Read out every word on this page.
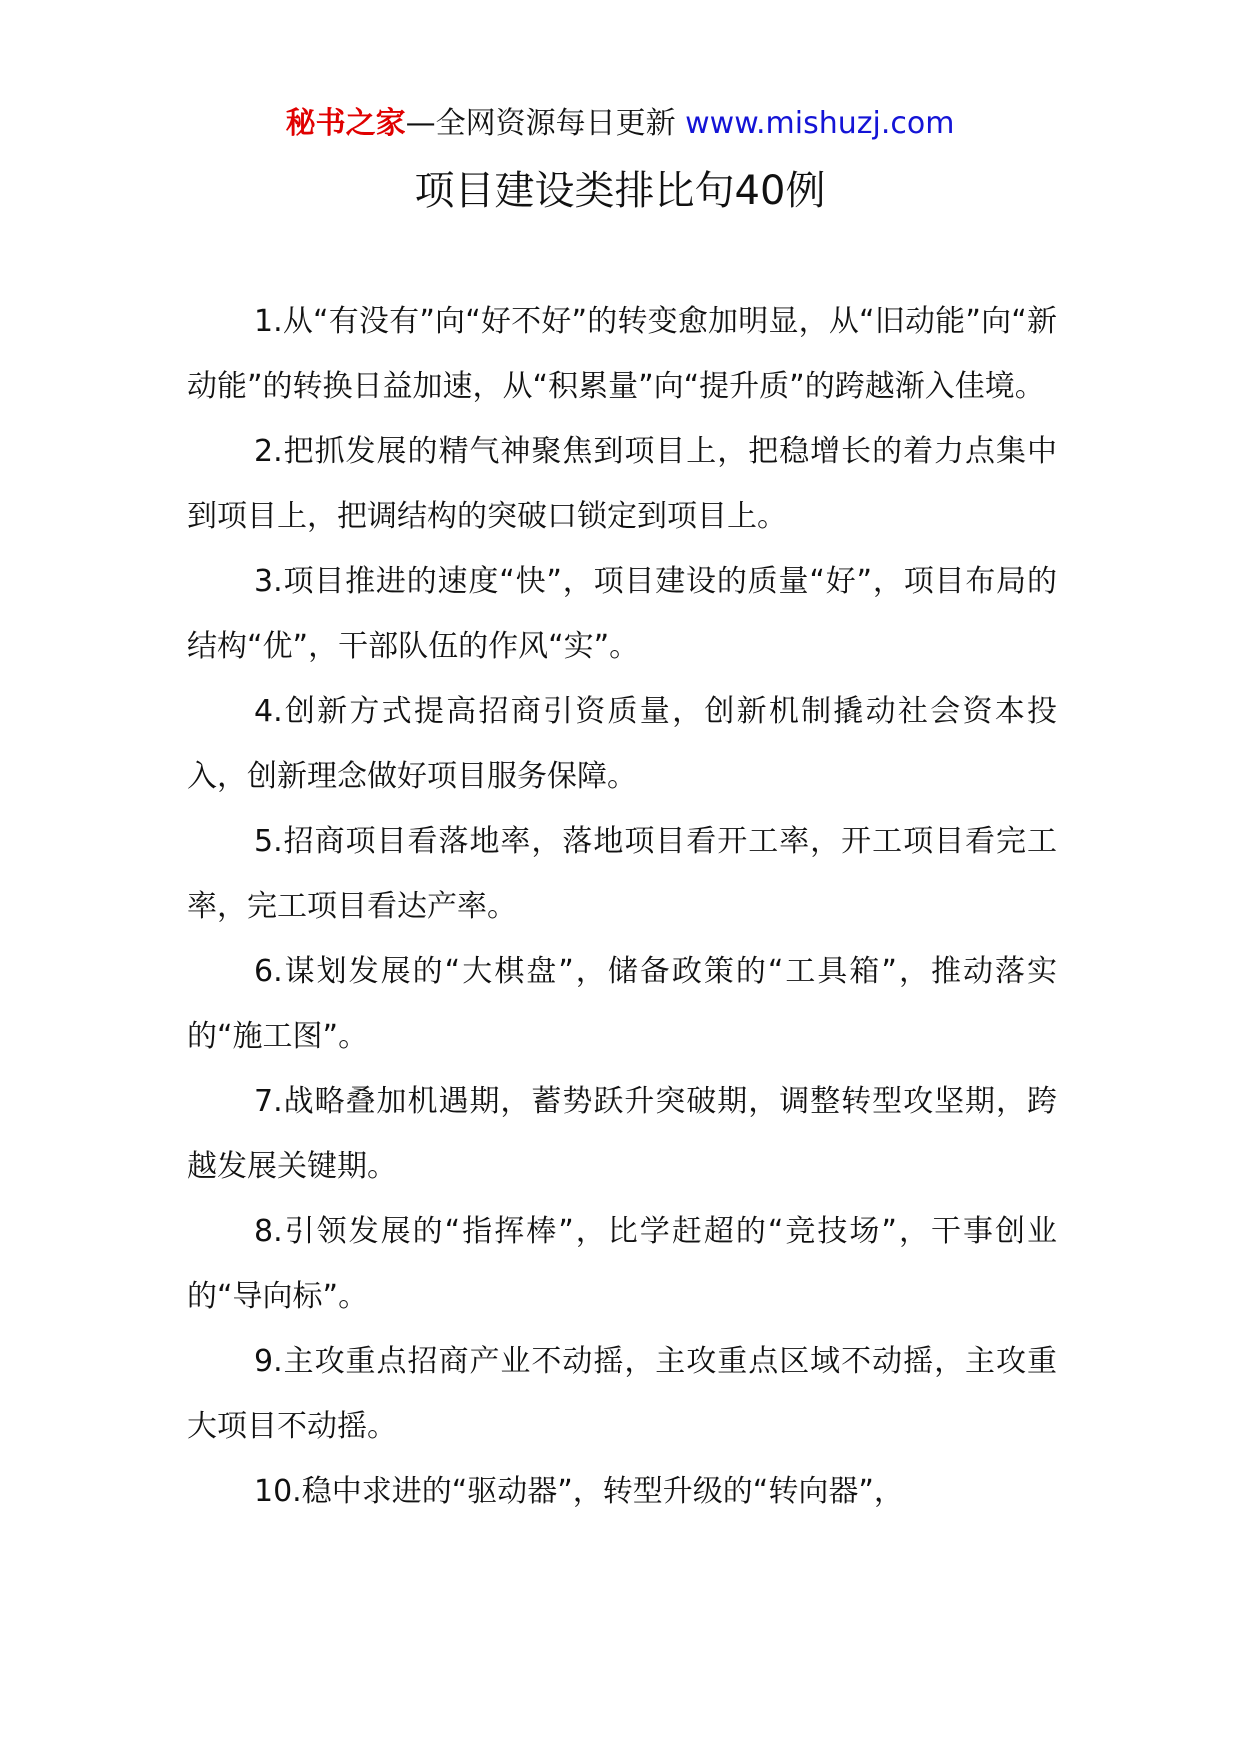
秘书之家—全网资源每日更新 www.mishuzj.com
项目建设类排比句40例

1.从“有没有”向“好不好”的转变愈加明显，从“旧动能”向“新动能”的转换日益加速，从“积累量”向“提升质”的跨越渐入佳境。

2.把抓发展的精气神聚焦到项目上，把稳增长的着力点集中到项目上，把调结构的突破口锁定到项目上。

3.项目推进的速度“快”，项目建设的质量“好”，项目布局的结构“优”，干部队伍的作风“实”。

4.创新方式提高招商引资质量，创新机制撬动社会资本投入，创新理念做好项目服务保障。

5.招商项目看落地率，落地项目看开工率，开工项目看完工率，完工项目看达产率。

6.谋划发展的“大棋盘”，储备政策的“工具箱”，推动落实的“施工图”。

7.战略叠加机遇期，蓄势跃升突破期，调整转型攻坚期，跨越发展关键期。

8.引领发展的“指挥棒”，比学赶超的“竞技场”，干事创业的“导向标”。

9.主攻重点招商产业不动摇，主攻重点区域不动摇，主攻重大项目不动摇。

10.稳中求进的“驱动器”，转型升级的“转向器”，
